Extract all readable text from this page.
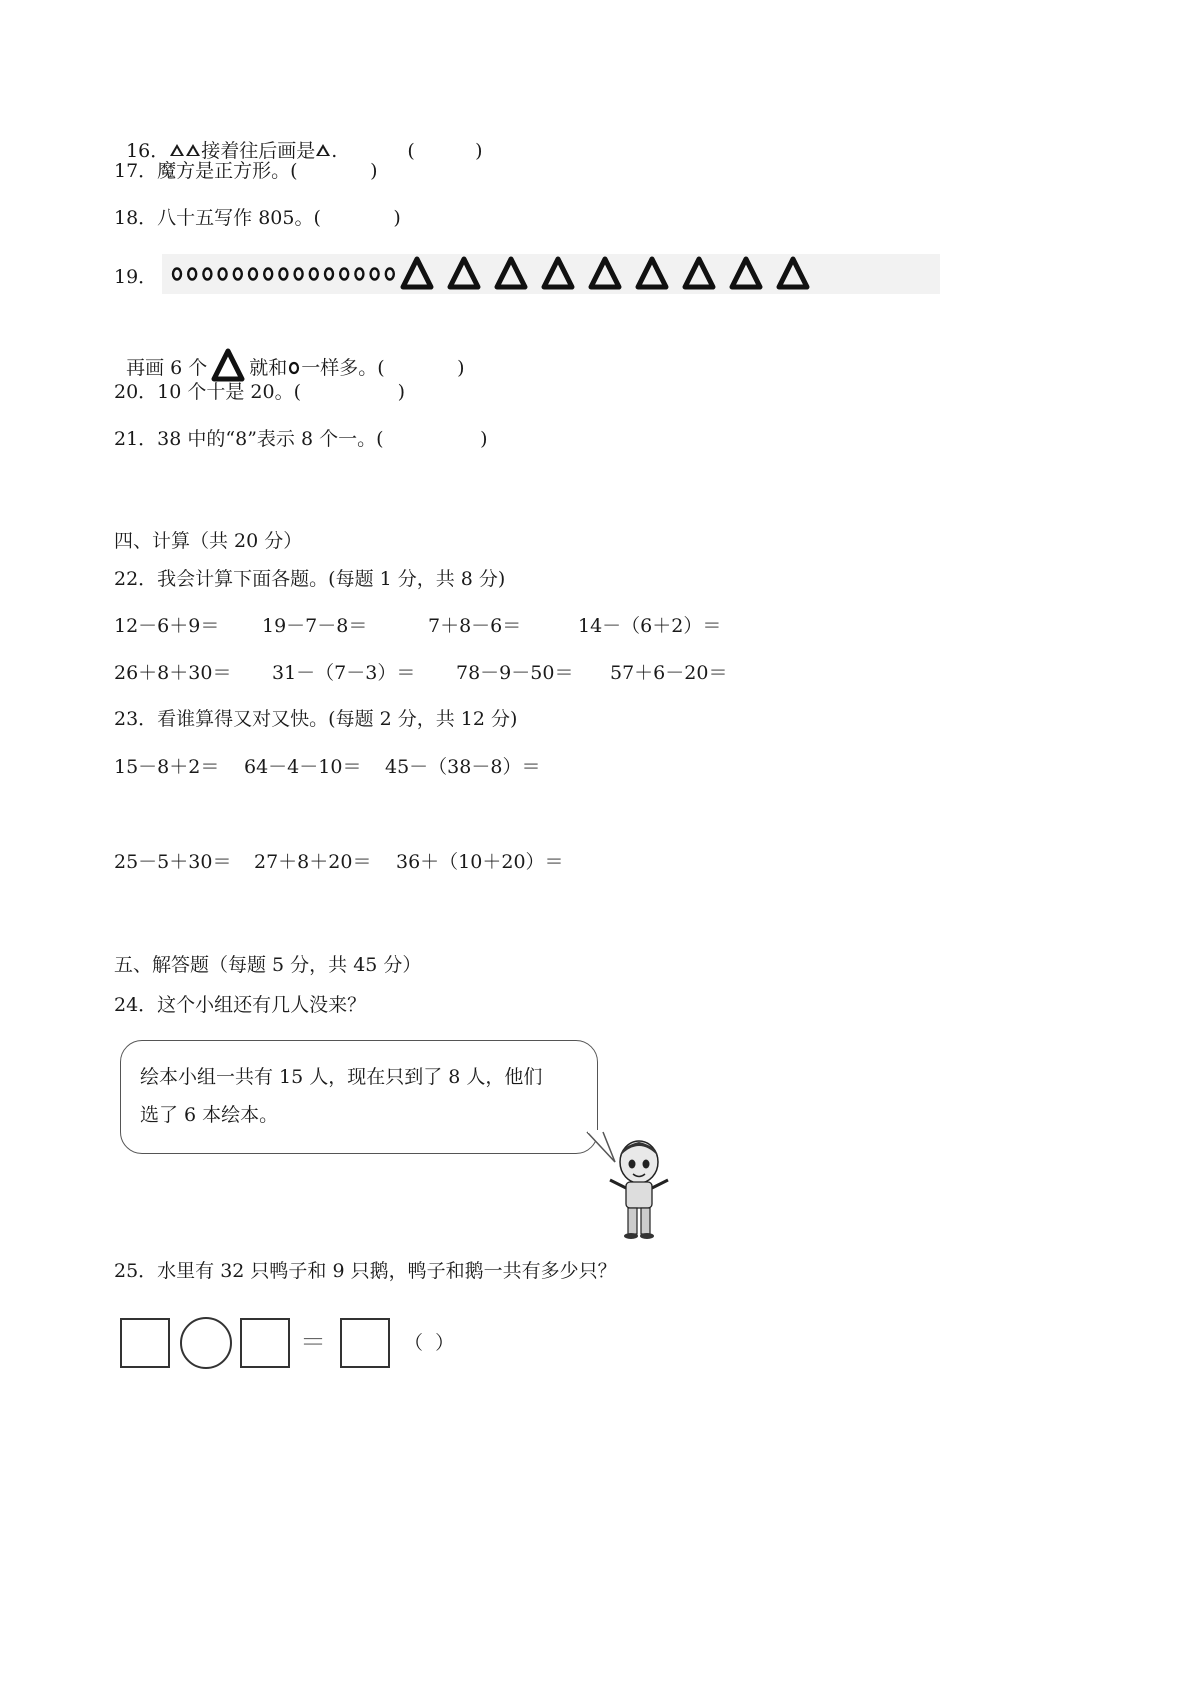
16． 接着往后画是 .	(          )

17．魔方是正方形。(            )
18．八十五写作 805。(            )
19．

再画 6 个 就和 一样多。(            )

20．10 个十是 20。(                )
21．38 中的“8”表示 8 个一。(                )
四、计算（共 20 分）
22．我会计算下面各题。(每题 1 分，共 8 分)
12－6＋9＝ 19－7－8＝	7＋8－6＝	14－（6＋2）＝
26＋8＋30＝ 31－（7－3）＝ 78－9－50＝ 57＋6－20＝
23．看谁算得又对又快。(每题 2 分，共 12 分)
15－8＋2＝ 64－4－10＝ 45－（38－8）＝
25－5＋30＝ 27＋8＋20＝ 36＋（10＋20）＝
五、解答题（每题 5 分，共 45 分）
24．这个小组还有几人没来？
绘本小组一共有 15 人，现在只到了 8 人，他们
选了 6 本绘本。
25．水里有 32 只鸭子和 9 只鹅，鸭子和鹅一共有多少只？
＝	（  ）
